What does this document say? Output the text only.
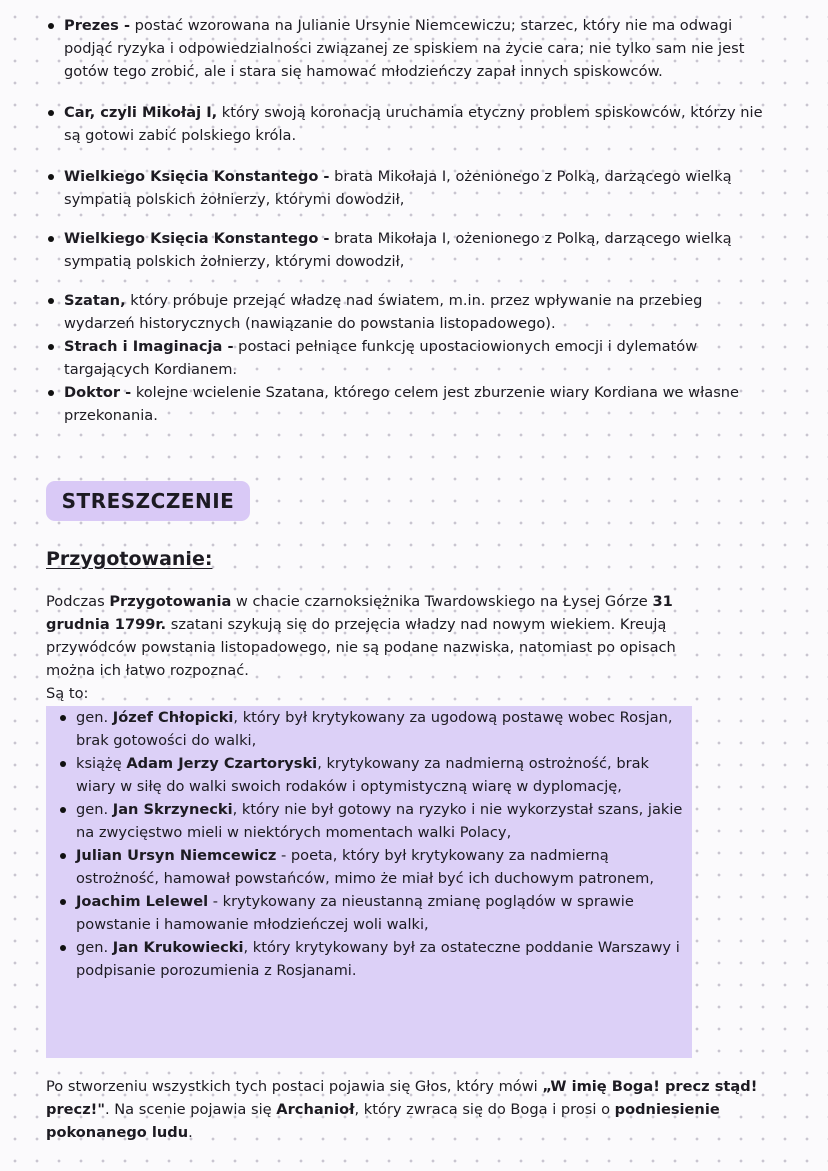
Prezes - postać wzorowana na Julianie Ursynie Niemcewiczu; starzec, który nie ma odwagi podjąć ryzyka i odpowiedzialności związanej ze spiskiem na życie cara; nie tylko sam nie jest gotów tego zrobić, ale i stara się hamować młodzieńczy zapał innych spiskowców.
Car, czyli Mikołaj I, który swoją koronacją uruchamia etyczny problem spiskowców, którzy nie są gotowi zabić polskiego króla.
Wielkiego Księcia Konstantego - brata Mikołaja I, ożenionego z Polką, darzącego wielką sympatią polskich żołnierzy, którymi dowodził,
Wielkiego Księcia Konstantego - brata Mikołaja I, ożenionego z Polką, darzącego wielką sympatią polskich żołnierzy, którymi dowodził,
Szatan, który próbuje przejąć władzę nad światem, m.in. przez wpływanie na przebieg wydarzeń historycznych (nawiązanie do powstania listopadowego).
Strach i Imaginacja - postaci pełniące funkcję upostaciowionych emocji i dylematów targających Kordianem.
Doktor - kolejne wcielenie Szatana, którego celem jest zburzenie wiary Kordiana we własne przekonania.
STRESZCZENIE
Przygotowanie:
Podczas Przygotowania w chacie czarnoksiężnika Twardowskiego na Łysej Górze 31 grudnia 1799r. szatani szykują się do przejęcia władzy nad nowym wiekiem. Kreują przywódców powstania listopadowego, nie są podane nazwiska, natomiast po opisach można ich łatwo rozpoznać.
Są to:
gen. Józef Chłopicki, który był krytykowany za ugodową postawę wobec Rosjan, brak gotowości do walki,
książę Adam Jerzy Czartoryski, krytykowany za nadmierną ostrożność, brak wiary w siłę do walki swoich rodaków i optymistyczną wiarę w dyplomację,
gen. Jan Skrzynecki, który nie był gotowy na ryzyko i nie wykorzystał szans, jakie na zwycięstwo mieli w niektórych momentach walki Polacy,
Julian Ursyn Niemcewicz - poeta, który był krytykowany za nadmierną ostrożność, hamował powstańców, mimo że miał być ich duchowym patronem,
Joachim Lelewel - krytykowany za nieustanną zmianę poglądów w sprawie powstanie i hamowanie młodzieńczej woli walki,
gen. Jan Krukowiecki, który krytykowany był za ostateczne poddanie Warszawy i podpisanie porozumienia z Rosjanami.
Po stworzeniu wszystkich tych postaci pojawia się Głos, który mówi „W imię Boga! precz stąd! precz!". Na scenie pojawia się Archanioł, który zwraca się do Boga i prosi o podniesienie pokonanego ludu.
